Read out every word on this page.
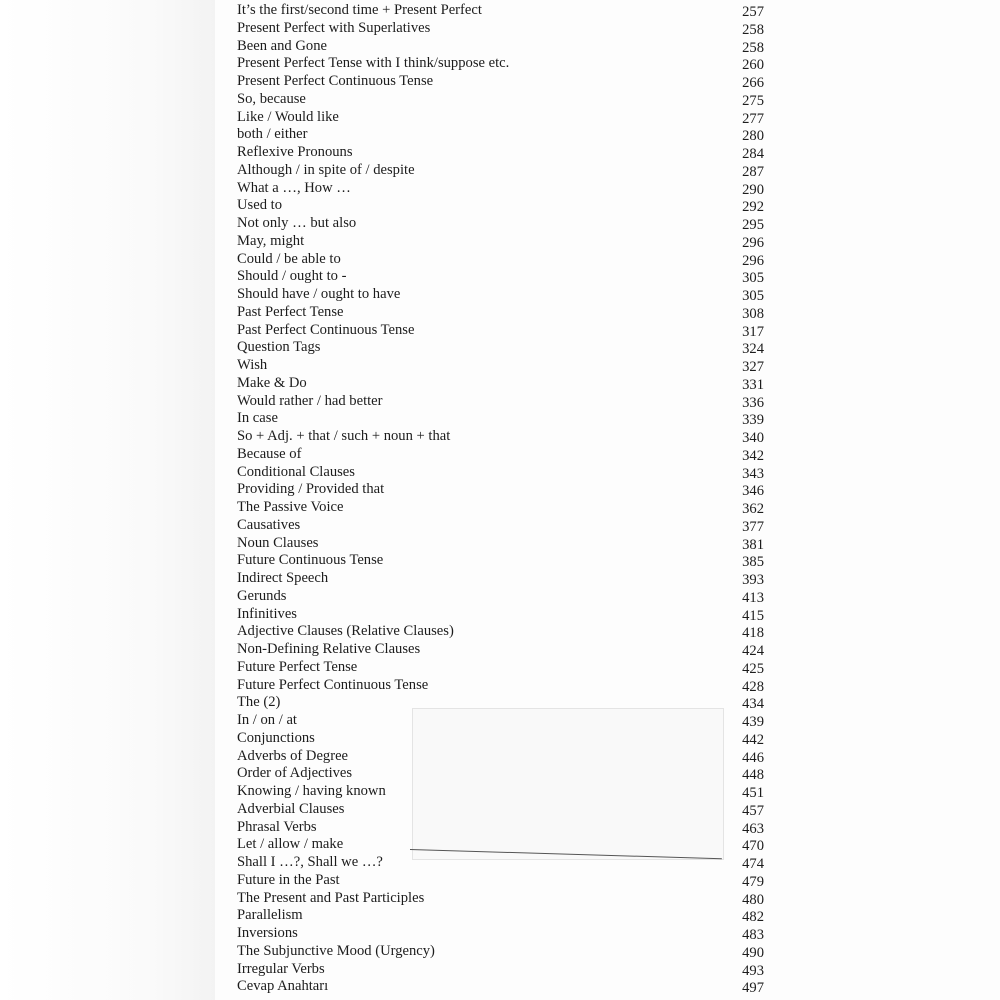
It’s the first/second time + Present Perfect	257
Present Perfect with Superlatives	258
Been and Gone	258
Present Perfect Tense with I think/suppose etc.	260
Present Perfect Continuous Tense	266
So, because	275
Like / Would like	277
both / either	280
Reflexive Pronouns	284
Although / in spite of / despite	287
What a …, How …	290
Used to	292
Not only … but also	295
May, might	296
Could / be able to	296
Should / ought to -	305
Should have / ought to have	305
Past Perfect Tense	308
Past Perfect Continuous Tense	317
Question Tags	324
Wish	327
Make & Do	331
Would rather / had better	336
In case	339
So + Adj. + that / such + noun + that	340
Because of	342
Conditional Clauses	343
Providing / Provided that	346
The Passive Voice	362
Causatives	377
Noun Clauses	381
Future Continuous Tense	385
Indirect Speech	393
Gerunds	413
Infinitives	415
Adjective Clauses (Relative Clauses)	418
Non-Defining Relative Clauses	424
Future Perfect Tense	425
Future Perfect Continuous Tense	428
The (2)	434
In / on / at	439
Conjunctions	442
Adverbs of Degree	446
Order of Adjectives	448
Knowing / having known	451
Adverbial Clauses	457
Phrasal Verbs	463
Let / allow / make	470
Shall I …?, Shall we …?	474
Future in the Past	479
The Present and Past Participles	480
Parallelism	482
Inversions	483
The Subjunctive Mood (Urgency)	490
Irregular Verbs	493
Cevap Anahtarı	497
